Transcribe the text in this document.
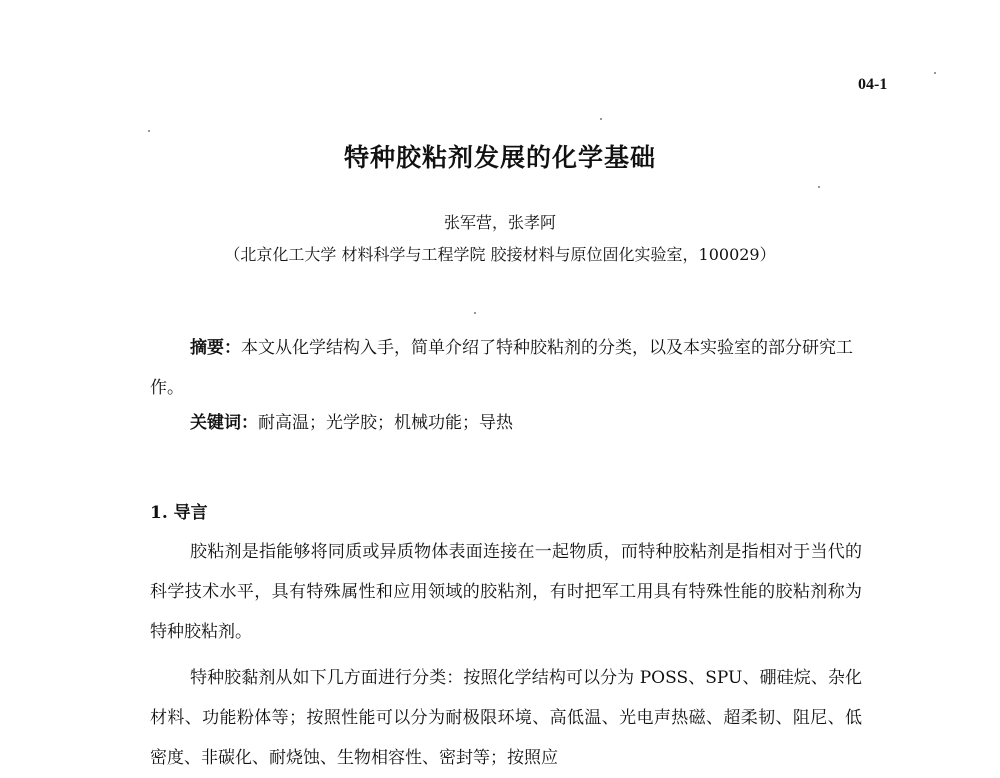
04-1
特种胶粘剂发展的化学基础
张军营，张孝阿
（北京化工大学 材料科学与工程学院 胶接材料与原位固化实验室，100029）

摘要：本文从化学结构入手，简单介绍了特种胶粘剂的分类，以及本实验室的部分研究工作。

关键词：耐高温；光学胶；机械功能；导热

1. 导言

胶粘剂是指能够将同质或异质物体表面连接在一起物质，而特种胶粘剂是指相对于当代的科学技术水平，具有特殊属性和应用领域的胶粘剂，有时把军工用具有特殊性能的胶粘剂称为特种胶粘剂。

特种胶黏剂从如下几方面进行分类：按照化学结构可以分为 POSS、SPU、硼硅烷、杂化材料、功能粉体等；按照性能可以分为耐极限环境、高低温、光电声热磁、超柔韧、阻尼、低密度、非碳化、耐烧蚀、生物相容性、密封等；按照应
